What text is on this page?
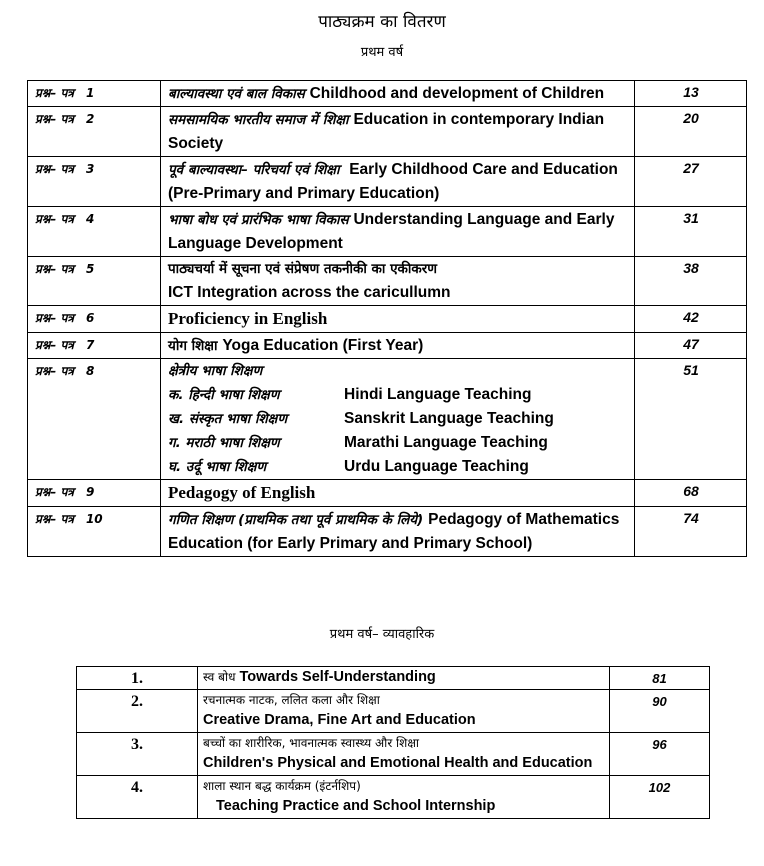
पाठ्यक्रम का वितरण
प्रथम वर्ष
प्रश्न– पत्र 1	बाल्यावस्था एवं बाल विकास Childhood and development of Children	13
प्रश्न– पत्र 2	समसामयिक भारतीय समाज में शिक्षा Education in contemporary Indian Society	20
प्रश्न– पत्र 3	पूर्व बाल्यावस्था– परिचर्या एवं शिक्षा Early Childhood Care and Education (Pre-Primary and Primary Education)	27
प्रश्न– पत्र 4	भाषा बोध एवं प्रारंभिक भाषा विकास Understanding Language and Early Language Development	31
प्रश्न– पत्र 5	पाठ्यचर्या में सूचना एवं संप्रेषण तकनीकी का एकीकरण
ICT Integration across the caricullumn	38
प्रश्न– पत्र 6	Proficiency in English	42
प्रश्न– पत्र 7	योग शिक्षा Yoga Education (First Year)	47
प्रश्न– पत्र 8	क्षेत्रीय भाषा शिक्षण
क. हिन्दी भाषा शिक्षण Hindi Language Teaching
ख. संस्कृत भाषा शिक्षण Sanskrit Language Teaching
ग. मराठी भाषा शिक्षण Marathi Language Teaching
घ. उर्दू भाषा शिक्षण Urdu Language Teaching	51
प्रश्न– पत्र 9	Pedagogy of English	68
प्रश्न– पत्र 10	गणित शिक्षण (प्राथमिक तथा पूर्व प्राथमिक के लिये) Pedagogy of Mathematics Education (for Early Primary and Primary School)	74
प्रथम वर्ष– व्यावहारिक
1.	स्व बोध Towards Self-Understanding	81
2.	रचनात्मक नाटक, ललित कला और शिक्षा
Creative Drama, Fine Art and Education	90
3.	बच्चों का शारीरिक, भावनात्मक स्वास्थ्य और शिक्षा
Children's Physical and Emotional Health and Education	96
4.	शाला स्थान बद्ध कार्यक्रम (इंटर्नशिप)
Teaching Practice and School Internship	102
